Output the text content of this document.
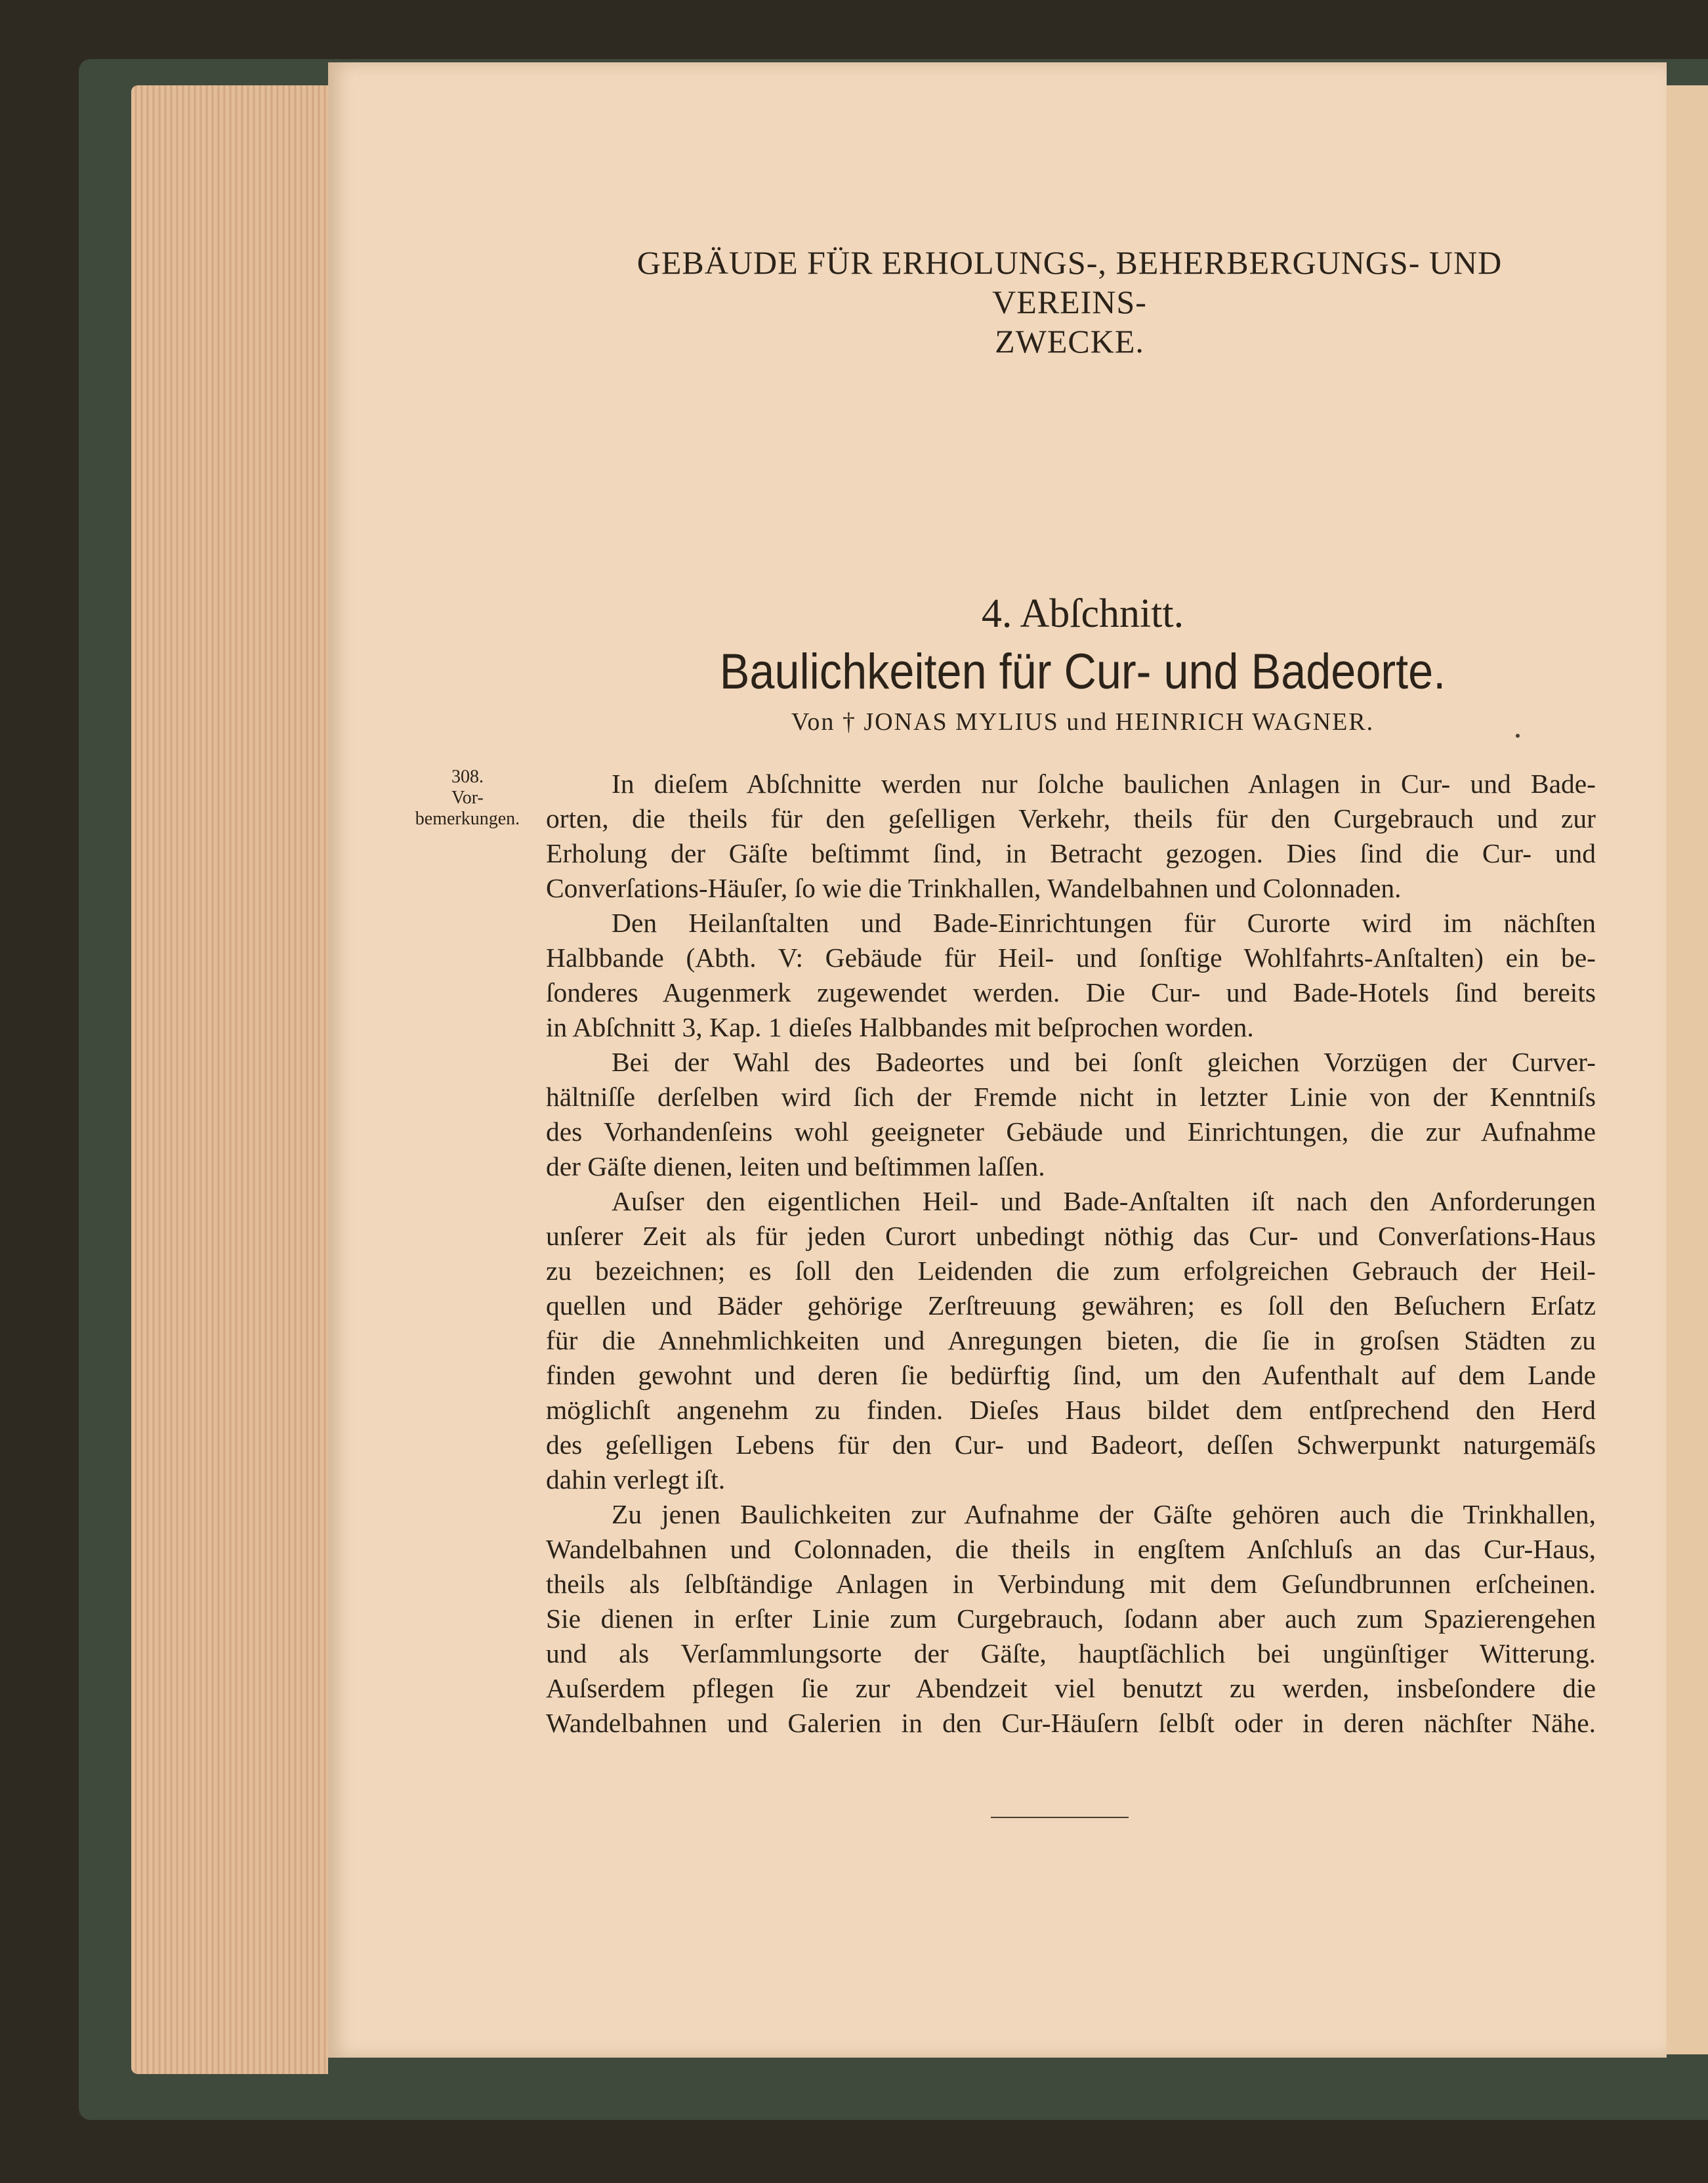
GEBÄUDE FÜR ERHOLUNGS-, BEHERBERGUNGS- UND VEREINS-
ZWECKE.
4. Abſchnitt.
Baulichkeiten für Cur- und Badeorte.
Von † JONAS MYLIUS und HEINRICH WAGNER.
308.
Vor-
bemerkungen.
In dieſem Abſchnitte werden nur ſolche baulichen Anlagen in Cur- und Bade-
orten, die theils für den geſelligen Verkehr, theils für den Curgebrauch und zur
Erholung der Gäſte beſtimmt ſind, in Betracht gezogen. Dies ſind die Cur- und
Converſations-Häuſer, ſo wie die Trinkhallen, Wandelbahnen und Colonnaden.
Den Heilanſtalten und Bade-Einrichtungen für Curorte wird im nächſten
Halbbande (Abth. V: Gebäude für Heil- und ſonſtige Wohlfahrts-Anſtalten) ein be-
ſonderes Augenmerk zugewendet werden. Die Cur- und Bade-Hotels ſind bereits
in Abſchnitt 3, Kap. 1 dieſes Halbbandes mit beſprochen worden.
Bei der Wahl des Badeortes und bei ſonſt gleichen Vorzügen der Curver-
hältniſſe derſelben wird ſich der Fremde nicht in letzter Linie von der Kenntniſs
des Vorhandenſeins wohl geeigneter Gebäude und Einrichtungen, die zur Aufnahme
der Gäſte dienen, leiten und beſtimmen laſſen.
Auſser den eigentlichen Heil- und Bade-Anſtalten iſt nach den Anforderungen
unſerer Zeit als für jeden Curort unbedingt nöthig das Cur- und Converſations-Haus
zu bezeichnen; es ſoll den Leidenden die zum erfolgreichen Gebrauch der Heil-
quellen und Bäder gehörige Zerſtreuung gewähren; es ſoll den Beſuchern Erſatz
für die Annehmlichkeiten und Anregungen bieten, die ſie in groſsen Städten zu
finden gewohnt und deren ſie bedürftig ſind, um den Aufenthalt auf dem Lande
möglichſt angenehm zu finden. Dieſes Haus bildet dem entſprechend den Herd
des geſelligen Lebens für den Cur- und Badeort, deſſen Schwerpunkt naturgemäſs
dahin verlegt iſt.
Zu jenen Baulichkeiten zur Aufnahme der Gäſte gehören auch die Trinkhallen,
Wandelbahnen und Colonnaden, die theils in engſtem Anſchluſs an das Cur-Haus,
theils als ſelbſtändige Anlagen in Verbindung mit dem Geſundbrunnen erſcheinen.
Sie dienen in erſter Linie zum Curgebrauch, ſodann aber auch zum Spazierengehen
und als Verſammlungsorte der Gäſte, hauptſächlich bei ungünſtiger Witterung.
Auſserdem pflegen ſie zur Abendzeit viel benutzt zu werden, insbeſondere die
Wandelbahnen und Galerien in den Cur-Häuſern ſelbſt oder in deren nächſter Nähe.
